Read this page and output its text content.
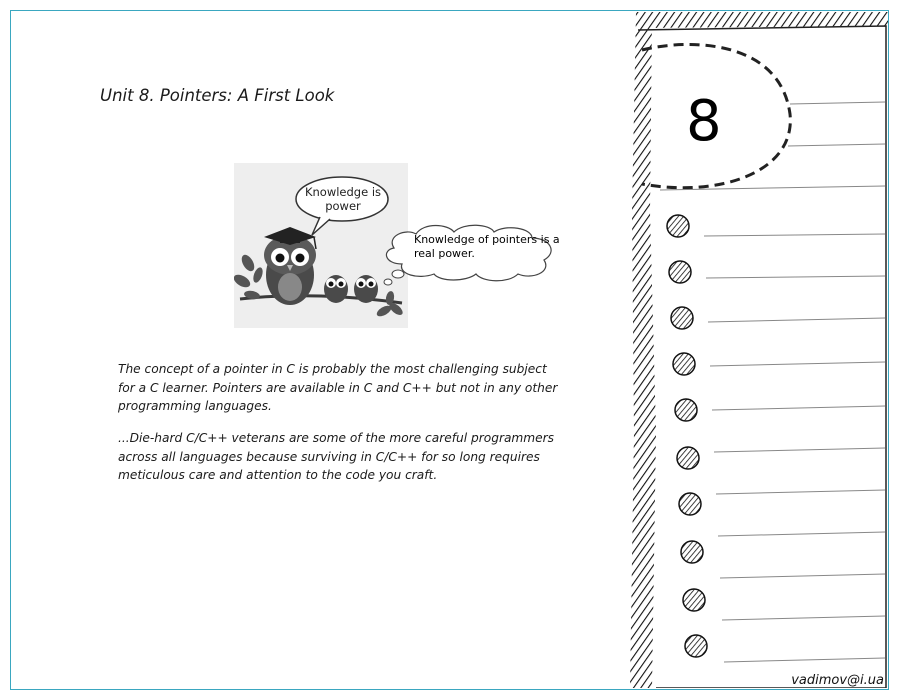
Unit 8. Pointers: A First Look
Knowledge is power
Knowledge of pointers is a real power.
The concept of a pointer in C is probably the most challenging subject for a C learner. Pointers are available in C and C++ but not in any other programming languages.
...Die-hard C/C++ veterans are some of the more careful programmers across all languages because surviving in C/C++ for so long requires meticulous care and attention to the code you craft.
8
vadimov@i.ua
